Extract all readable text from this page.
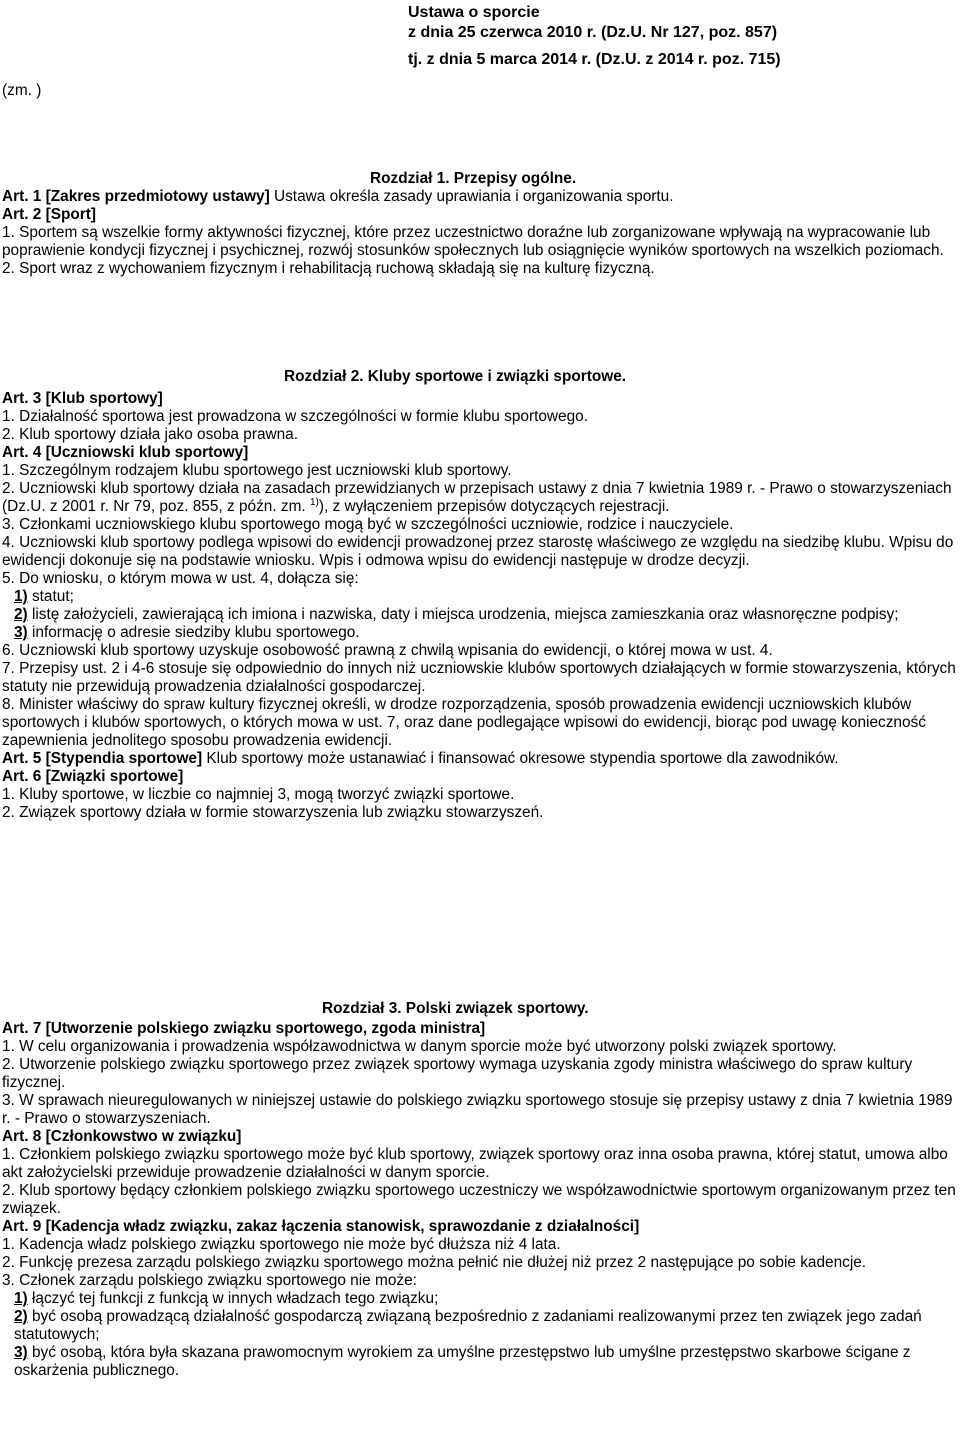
Ustawa o sporcie
z dnia 25 czerwca 2010 r. (Dz.U. Nr 127, poz. 857)
tj. z dnia 5 marca 2014 r. (Dz.U. z 2014 r. poz. 715)
(zm. )
Rozdział 1. Przepisy ogólne.

Art. 1 [Zakres przedmiotowy ustawy] Ustawa określa zasady uprawiania i organizowania sportu.

Art. 2 [Sport]

1. Sportem są wszelkie formy aktywności fizycznej, które przez uczestnictwo doraźne lub zorganizowane wpływają na wypracowanie lub poprawienie kondycji fizycznej i psychicznej, rozwój stosunków społecznych lub osiągnięcie wyników sportowych na wszelkich poziomach.

2. Sport wraz z wychowaniem fizycznym i rehabilitacją ruchową składają się na kulturę fizyczną.

Rozdział 2. Kluby sportowe i związki sportowe.

Art. 3 [Klub sportowy]

1. Działalność sportowa jest prowadzona w szczególności w formie klubu sportowego.

2. Klub sportowy działa jako osoba prawna.

Art. 4 [Uczniowski klub sportowy]

1. Szczególnym rodzajem klubu sportowego jest uczniowski klub sportowy.

2. Uczniowski klub sportowy działa na zasadach przewidzianych w przepisach ustawy z dnia 7 kwietnia 1989 r. - Prawo o stowarzyszeniach (Dz.U. z 2001 r. Nr 79, poz. 855, z późn. zm. $^{1)}$), z wyłączeniem przepisów dotyczących rejestracji.

3. Członkami uczniowskiego klubu sportowego mogą być w szczególności uczniowie, rodzice i nauczyciele.

4. Uczniowski klub sportowy podlega wpisowi do ewidencji prowadzonej przez starostę właściwego ze względu na siedzibę klubu. Wpisu do ewidencji dokonuje się na podstawie wniosku. Wpis i odmowa wpisu do ewidencji następuje w drodze decyzji.

5. Do wniosku, o którym mowa w ust. 4, dołącza się:

1) statut;

2) listę założycieli, zawierającą ich imiona i nazwiska, daty i miejsca urodzenia, miejsca zamieszkania oraz własnoręczne podpisy;

3) informację o adresie siedziby klubu sportowego.

6. Uczniowski klub sportowy uzyskuje osobowość prawną z chwilą wpisania do ewidencji, o której mowa w ust. 4.

7. Przepisy ust. 2 i 4-6 stosuje się odpowiednio do innych niż uczniowskie klubów sportowych działających w formie stowarzyszenia, których statuty nie przewidują prowadzenia działalności gospodarczej.

8. Minister właściwy do spraw kultury fizycznej określi, w drodze rozporządzenia, sposób prowadzenia ewidencji uczniowskich klubów sportowych i klubów sportowych, o których mowa w ust. 7, oraz dane podlegające wpisowi do ewidencji, biorąc pod uwagę konieczność zapewnienia jednolitego sposobu prowadzenia ewidencji.

Art. 5 [Stypendia sportowe] Klub sportowy może ustanawiać i finansować okresowe stypendia sportowe dla zawodników.

Art. 6 [Związki sportowe]

1. Kluby sportowe, w liczbie co najmniej 3, mogą tworzyć związki sportowe.

2. Związek sportowy działa w formie stowarzyszenia lub związku stowarzyszeń.

Rozdział 3. Polski związek sportowy.

Art. 7 [Utworzenie polskiego związku sportowego, zgoda ministra]

1. W celu organizowania i prowadzenia współzawodnictwa w danym sporcie może być utworzony polski związek sportowy.

2. Utworzenie polskiego związku sportowego przez związek sportowy wymaga uzyskania zgody ministra właściwego do spraw kultury fizycznej.

3. W sprawach nieuregulowanych w niniejszej ustawie do polskiego związku sportowego stosuje się przepisy ustawy z dnia 7 kwietnia 1989 r. - Prawo o stowarzyszeniach.

Art. 8 [Członkowstwo w związku]

1. Członkiem polskiego związku sportowego może być klub sportowy, związek sportowy oraz inna osoba prawna, której statut, umowa albo akt założycielski przewiduje prowadzenie działalności w danym sporcie.

2. Klub sportowy będący członkiem polskiego związku sportowego uczestniczy we współzawodnictwie sportowym organizowanym przez ten związek.

Art. 9 [Kadencja władz związku, zakaz łączenia stanowisk, sprawozdanie z działalności]

1. Kadencja władz polskiego związku sportowego nie może być dłuższa niż 4 lata.

2. Funkcję prezesa zarządu polskiego związku sportowego można pełnić nie dłużej niż przez 2 następujące po sobie kadencje.

3. Członek zarządu polskiego związku sportowego nie może:

1) łączyć tej funkcji z funkcją w innych władzach tego związku;

2) być osobą prowadzącą działalność gospodarczą związaną bezpośrednio z zadaniami realizowanymi przez ten związek jego zadań statutowych;

3) być osobą, która była skazana prawomocnym wyrokiem za umyślne przestępstwo lub umyślne przestępstwo skarbowe ścigane z oskarżenia publicznego.
